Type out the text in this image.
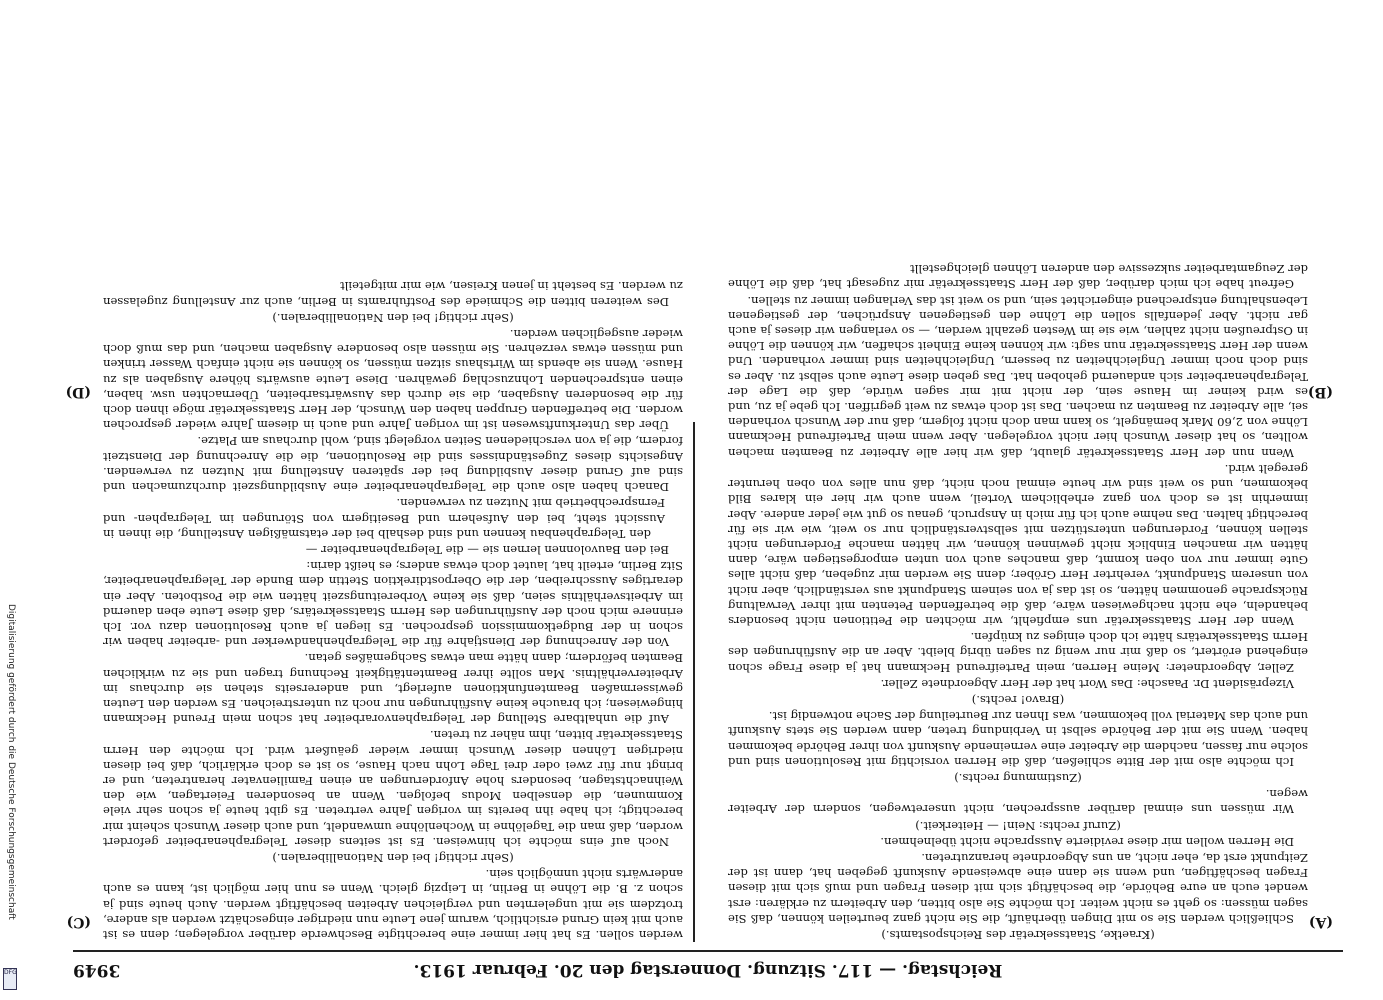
Reichstag. — 117. Sitzung. Donnerstag den 20. Februar 1913.
3949
(A)
(B)
(C)
(D)

(Kraetke, Staatssekretär des Reichspostamts.)

Schließlich werden Sie so mit Dingen überhäuft, die Sie nicht ganz beurteilen können, daß Sie sagen müssen: so geht es nicht weiter. Ich möchte Sie also bitten, den Arbeitern zu erklären: erst wendet euch an eure Behörde, die beschäftigt sich mit diesen Fragen und muß sich mit diesen Fragen beschäftigen, und wenn sie dann eine abweisende Auskunft gegeben hat, dann ist der Zeitpunkt erst da, eher nicht, an uns Abgeordnete heranzutreten.

Die Herren wollen mir diese revidierte Aussprache nicht übelnehmen.

(Zuruf rechts: Nein! — Heiterkeit.)

Wir müssen uns einmal darüber aussprechen, nicht unseretwegen, sondern der Arbeiter wegen.

(Zustimmung rechts.)

Ich möchte also mit der Bitte schließen, daß die Herren vorsichtig mit Resolutionen sind und solche nur fassen, nachdem die Arbeiter eine verneinende Auskunft von ihrer Behörde bekommen haben. Wenn Sie mit der Behörde selbst in Verbindung treten, dann werden Sie stets Auskunft und auch das Material voll bekommen, was Ihnen zur Beurteilung der Sache notwendig ist.

(Bravo! rechts.)

Vizepräsident Dr. Paasche: Das Wort hat der Herr Abgeordnete Zeller.

Zeller, Abgeordneter: Meine Herren, mein Parteifreund Heckmann hat ja diese Frage schon eingehend erörtert, so daß mir nur wenig zu sagen übrig bleibt. Aber an die Ausführungen des Herrn Staatssekretärs hätte ich doch einiges zu knüpfen.

Wenn der Herr Staatssekretär uns empfiehlt, wir möchten die Petitionen nicht besonders behandeln, ehe nicht nachgewiesen wäre, daß die betreffenden Petenten mit ihrer Verwaltung Rücksprache genommen hätten, so ist das ja von seinem Standpunkt aus verständlich, aber nicht von unserem Standpunkt, verehrter Herr Gröber; denn Sie werden mir zugeben, daß nicht alles Gute immer nur von oben kommt, daß manches auch von unten emporgestiegen wäre, dann hätten wir manchen Einblick nicht gewinnen können, wir hätten manche Forderungen nicht stellen können, Forderungen unterstützen mit selbstverständlich nur so weit, wie wir sie für berechtigt halten. Das nehme auch ich für mich in Anspruch, genau so gut wie jeder andere. Aber immerhin ist es doch von ganz erheblichem Vorteil, wenn auch wir hier ein klares Bild bekommen, und so weit sind wir heute einmal noch nicht, daß nun alles von oben herunter geregelt wird.

Wenn nun der Herr Staatssekretär glaubt, daß wir hier alle Arbeiter zu Beamten machen wollten, so hat dieser Wunsch hier nicht vorgelegen. Aber wenn mein Parteifreund Heckmann Löhne von 2,60 Mark bemängelt, so kann man doch nicht folgern, daß nur der Wunsch vorhanden sei, alle Arbeiter zu Beamten zu machen. Das ist doch etwas zu weit gegriffen. Ich gebe ja zu, und es wird keiner im Hause sein, der nicht mit mir sagen würde, daß die Lage der Telegraphenarbeiter sich andauernd gehoben hat. Das geben diese Leute auch selbst zu. Aber es sind doch noch immer Ungleichheiten zu bessern, Ungleichheiten sind immer vorhanden. Und wenn der Herr Staatssekretär nun sagt: wir können keine Einheit schaffen, wir können die Löhne in Ostpreußen nicht zahlen, wie sie im Westen gezahlt werden, — so verlangen wir dieses ja auch gar nicht. Aber jedenfalls sollen die Löhne den gestiegenen Ansprüchen, der gestiegenen Lebenshaltung entsprechend eingerichtet sein, und so weit ist das Verlangen immer zu stellen.

Gefreut habe ich mich darüber, daß der Herr Staatssekretär mir zugesagt hat, daß die Löhne der Zeugamtarbeiter sukzessive den anderen Löhnen gleichgestellt

werden sollen. Es hat hier immer eine berechtigte Beschwerde darüber vorgelegen; denn es ist auch mit kein Grund ersichtlich, warum jene Leute nun niedriger eingeschätzt werden als andere, trotzdem sie mit ungelernten und vergleichen Arbeiten beschäftigt werden. Auch heute sind ja schon z. B. die Löhne in Berlin, in Leipzig gleich. Wenn es nun hier möglich ist, kann es auch anderwärts nicht unmöglich sein.

(Sehr richtig! bei den Nationalliberalen.)

Noch auf eins möchte ich hinweisen. Es ist seitens dieser Telegraphenarbeiter gefordert worden, daß man die Tagelöhne in Wochenlöhne umwandelt, und auch dieser Wunsch scheint mir berechtigt; ich habe ihn bereits im vorigen Jahre vertreten. Es gibt heute ja schon sehr viele Kommunen, die denselben Modus befolgen. Wenn an besonderen Feiertagen, wie den Weihnachtstagen, besonders hohe Anforderungen an einen Familienvater herantreten, und er bringt nur für zwei oder drei Tage Lohn nach Hause, so ist es doch erklärlich, daß bei diesen niedrigen Löhnen dieser Wunsch immer wieder geäußert wird. Ich möchte den Herrn Staatssekretär bitten, ihm näher zu treten.

Auf die unhaltbare Stellung der Telegraphenvorarbeiter hat schon mein Freund Heckmann hingewiesen; ich brauche keine Ausführungen nur noch zu unterstreichen. Es werden den Leuten gewissermaßen Beamtenfunktionen auferlegt, und andererseits stehen sie durchaus im Arbeiterverhältnis. Man sollte ihrer Beamtentätigkeit Rechnung tragen und sie zu wirklichen Beamten befördern; dann hätte man etwas Sachgemäßes getan.

Von der Anrechnung der Dienstjahre für die Telegraphenhandwerker und -arbeiter haben wir schon in der Budgetkommission gesprochen. Es liegen ja auch Resolutionen dazu vor. Ich erinnere mich noch der Ausführungen des Herrn Staatssekretärs, daß diese Leute eben dauernd im Arbeitsverhältnis seien, daß sie keine Vorbereitungszeit hätten wie die Postboten. Aber ein derartiges Ausschreiben, der die Oberpostdirektion Stettin dem Bunde der Telegraphenarbeiter, Sitz Berlin, erteilt hat, lautet doch etwas anders; es heißt darin:

Bei den Bauvolonnen lernen sie — die Telegraphenarbeiter —

den Telegraphenbau kennen und sind deshalb bei der etatsmäßigen Anstellung, die ihnen in Aussicht steht, bei den Aufsehern und Beseitigern von Störungen im Telegraphen- und Fernsprechbetrieb mit Nutzen zu verwenden.

Danach haben also auch die Telegraphenarbeiter eine Ausbildungszeit durchzumachen und sind auf Grund dieser Ausbildung bei der späteren Anstellung mit Nutzen zu verwenden. Angesichts dieses Zugeständnisses sind die Resolutionen, die die Anrechnung der Dienstzeit fordern, die ja von verschiedenen Seiten vorgelegt sind, wohl durchaus am Platze.

Über das Unterkunftswesen ist im vorigen Jahre und auch in diesem Jahre wieder gesprochen worden. Die betreffenden Gruppen haben den Wunsch, der Herr Staatssekretär möge ihnen doch für die besonderen Ausgaben, die sie durch das Auswärtsarbeiten, Übernachten usw. haben, einen entsprechenden Lohnzuschlag gewähren. Diese Leute auswärts höhere Ausgaben als zu Hause. Wenn sie abends im Wirtshaus sitzen müssen, so können sie nicht einfach Wasser trinken und müssen etwas verzehren. Sie müssen also besondere Ausgaben machen, und das muß doch wieder ausgeglichen werden.

(Sehr richtig! bei den Nationalliberalen.)

Des weiteren bitten die Schmiede des Postfuhramts in Berlin, auch zur Anstellung zugelassen zu werden. Es besteht in jenen Kreisen, wie mir mitgeteilt

Digitalisierung gefördert durch die Deutsche Forschungsgemeinschaft
DFG
